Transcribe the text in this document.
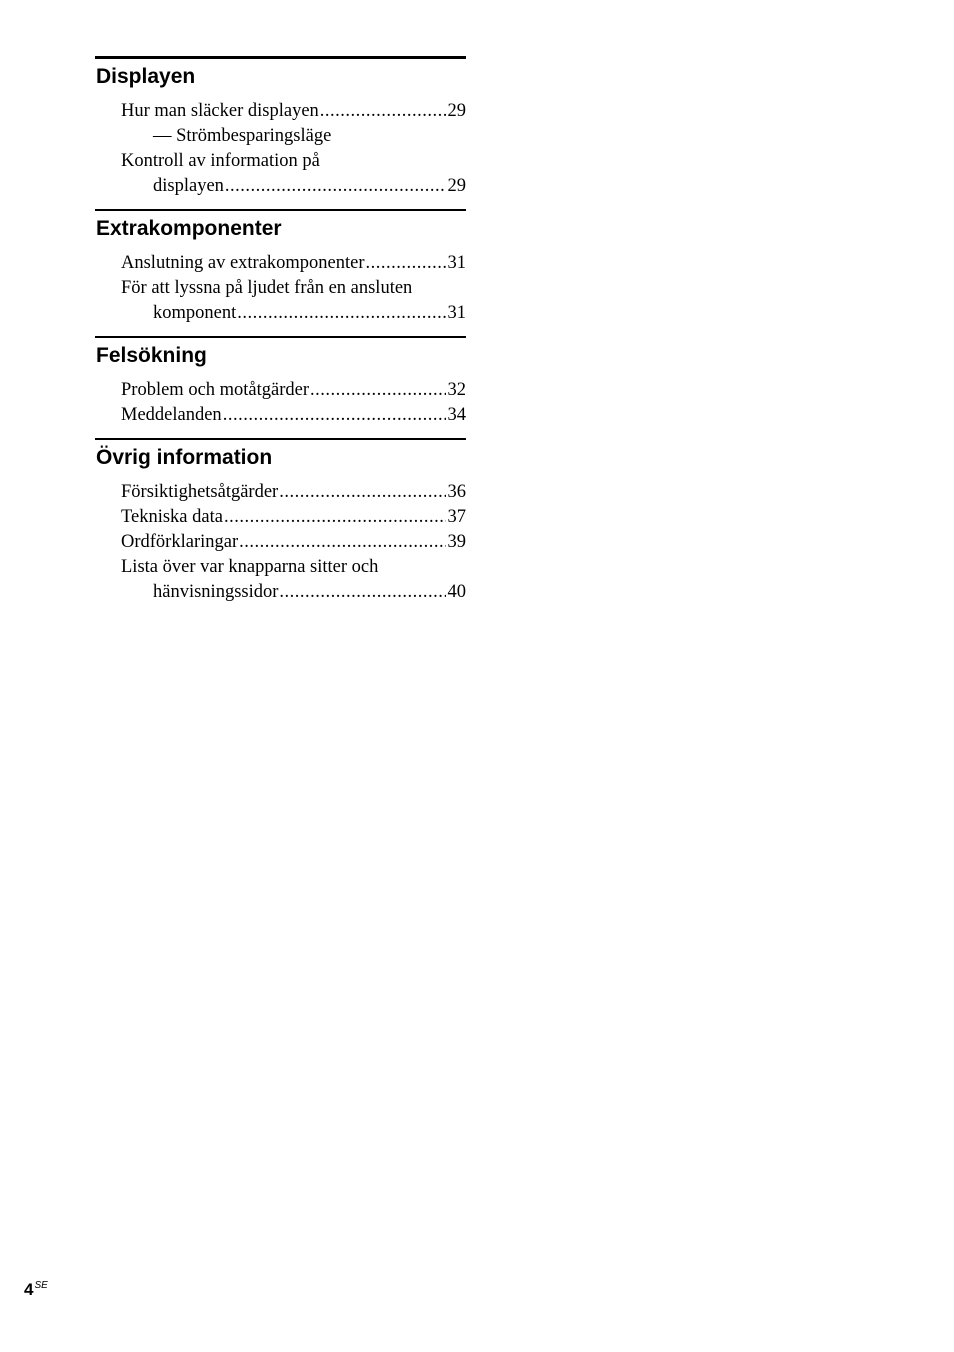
Displayen
Hur man släcker displayen .....	29
— Strömbesparingsläge
Kontroll av information på
displayen .....	29
Extrakomponenter
Anslutning av extrakomponenter .....	31
För att lyssna på ljudet från en ansluten
komponent .....	31
Felsökning
Problem och motåtgärder .....	32
Meddelanden .....	34
Övrig information
Försiktighetsåtgärder .....	36
Tekniska data .....	37
Ordförklaringar .....	39
Lista över var knapparna sitter och
hänvisningssidor .....	40
$4^{SE}$
